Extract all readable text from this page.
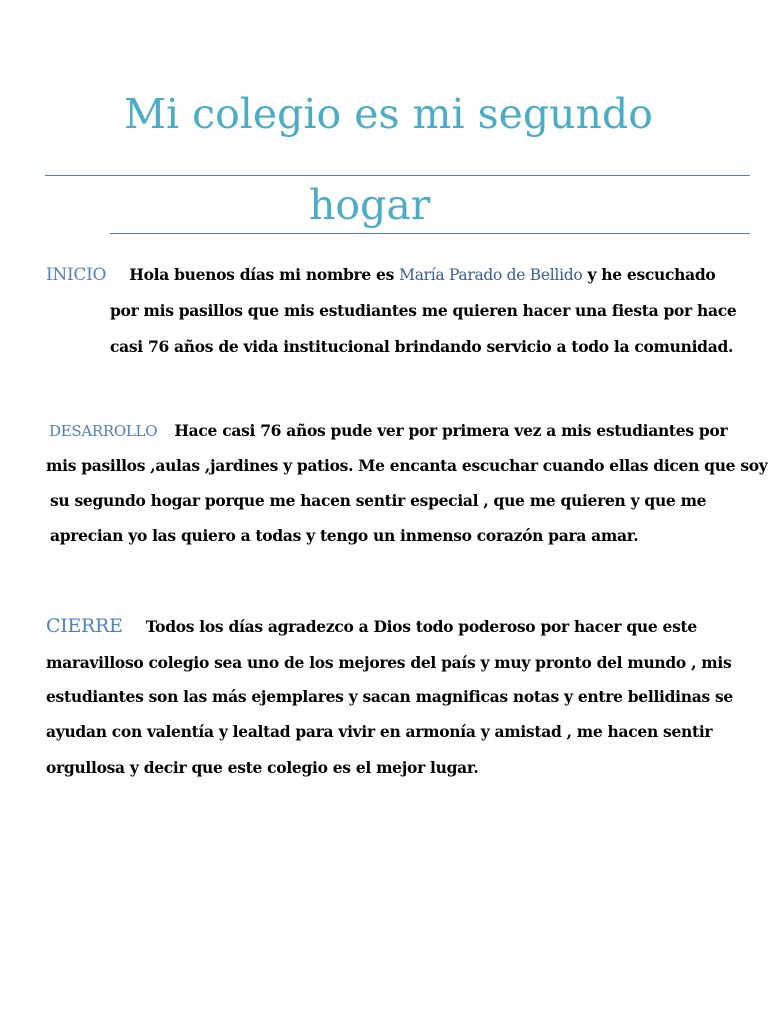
Mi colegio es mi segundo
hogar
INICIO Hola buenos días mi nombre es María Parado de Bellido y he escuchado
por mis pasillos que mis estudiantes me quieren hacer una fiesta por hace
casi 76 años de vida institucional brindando servicio a todo la comunidad.
DESARROLLO Hace casi 76 años pude ver por primera vez a mis estudiantes por
mis pasillos ,aulas ,jardines y patios. Me encanta escuchar cuando ellas dicen que soy
su segundo hogar porque me hacen sentir especial , que me quieren y que me
aprecian yo las quiero a todas y tengo un inmenso corazón para amar.
CIERRE Todos los días agradezco a Dios todo poderoso por hacer que este
maravilloso colegio sea uno de los mejores del país y muy pronto del mundo , mis
estudiantes son las más ejemplares y sacan magnificas notas y entre bellidinas se
ayudan con valentía y lealtad para vivir en armonía y amistad , me hacen sentir
orgullosa y decir que este colegio es el mejor lugar.
